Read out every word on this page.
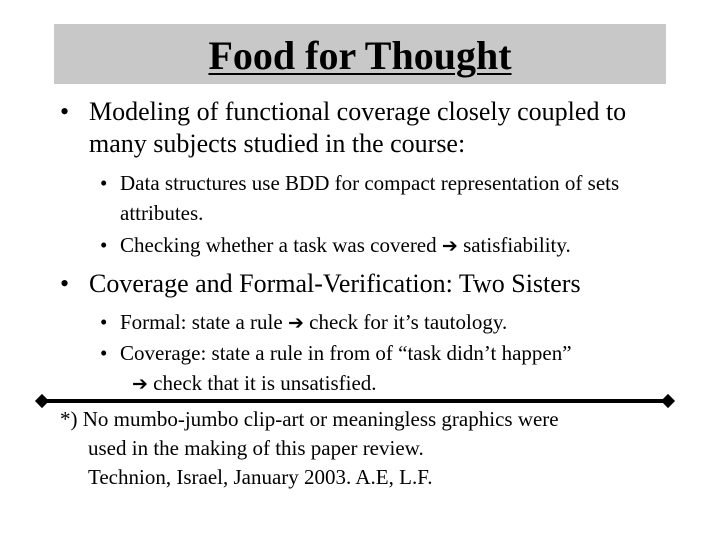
Food for Thought
• Modeling of functional coverage closely coupled to many subjects studied in the course:
• Data structures use BDD for compact representation of sets attributes.
• Checking whether a task was covered ➔ satisfiability.
• Coverage and Formal-Verification: Two Sisters
• Formal: state a rule ➔ check for it’s tautology.
• Coverage: state a rule in from of “task didn’t happen”
➔ check that it is unsatisfied.
*) No mumbo-jumbo clip-art or meaningless graphics were
used in the making of this paper review.
Technion, Israel, January 2003. A.E, L.F.
